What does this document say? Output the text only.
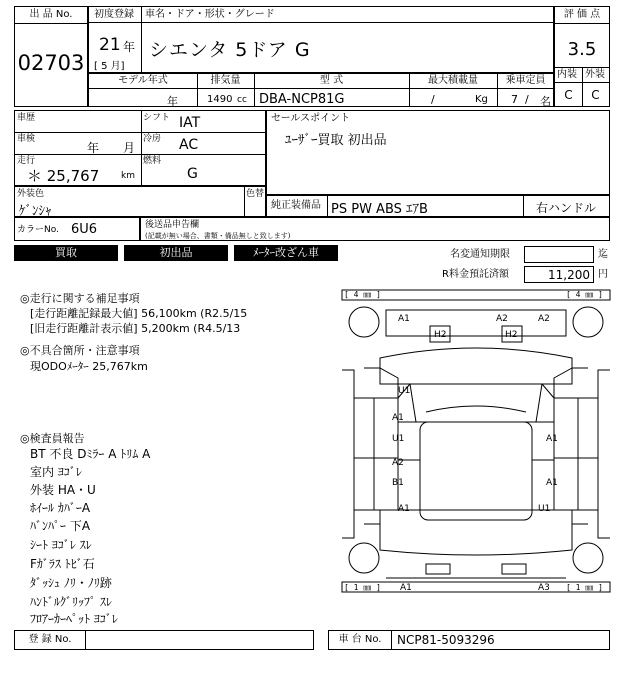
出 品 No.
02703
初度登録 車名・ドア・形状・グレード
21 年
[ 5 月]
シエンタ 5ドア G
評 価 点
3.5
内装 外装
C	C
モデル年式	排気量	型 式	最大積載量	乗車定員
年	1490 cc DBA-NCP81G	/	Kg 7 / 名
車歴	シフト IAT
車検
年 月
冷房 AC
走行
＊ 25,767 km
燃料
G
セールスポイント
ﾕｰｻﾞｰ買取 初出品
外装色
ｹﾞﾝｼｬ
色替
純正装備品 PS PW ABS ｴｱB	右ハンドル
カラーNo. 6U6	後送品申告欄
(記載が無い場合、書類・備品無しと致します)
買取	初出品	ﾒｰﾀｰ改ざん車	名変通知期限	迄
R料金預託済額	11,200 円
◎走行に関する補足事項
[走行距離記録最大値] 56,100km (R2.5/15
[旧走行距離計表示値] 5,200km (R4.5/13
◎不具合箇所・注意事項
現ODOﾒｰﾀｰ 25,767km
◎検査員報告
BT 不良 Dﾐﾗｰ A ﾄﾘﾑ A
室内 ﾖｺﾞﾚ
外装 HA・U
ﾎｲｰﾙ ｶﾊﾞｰA
ﾊﾞﾝﾊﾟｰ 下A
ｼｰﾄ ﾖｺﾞﾚ ｽﾚ
Fｶﾞﾗｽ ﾄﾋﾞ石
ﾀﾞｯｼｭ ﾉﾘ・ﾉﾘ跡
ﾊﾝﾄﾞﾙｸﾞﾘｯﾌﾟ ｽﾚ
ﾌﾛｱｰｶｰﾍﾟｯﾄ ﾖｺﾞﾚ
[ 4 ㎜ ]	[ 4 ㎜ ]
[ 1 ㎜ ]	[ 1 ㎜ ]
A1	A2	A2
H2	H2
U1
A1
U1	A1
A2
B1	A1
A1	U1
A1	A3
登 録 No.	車 台 No.	NCP81-5093296
